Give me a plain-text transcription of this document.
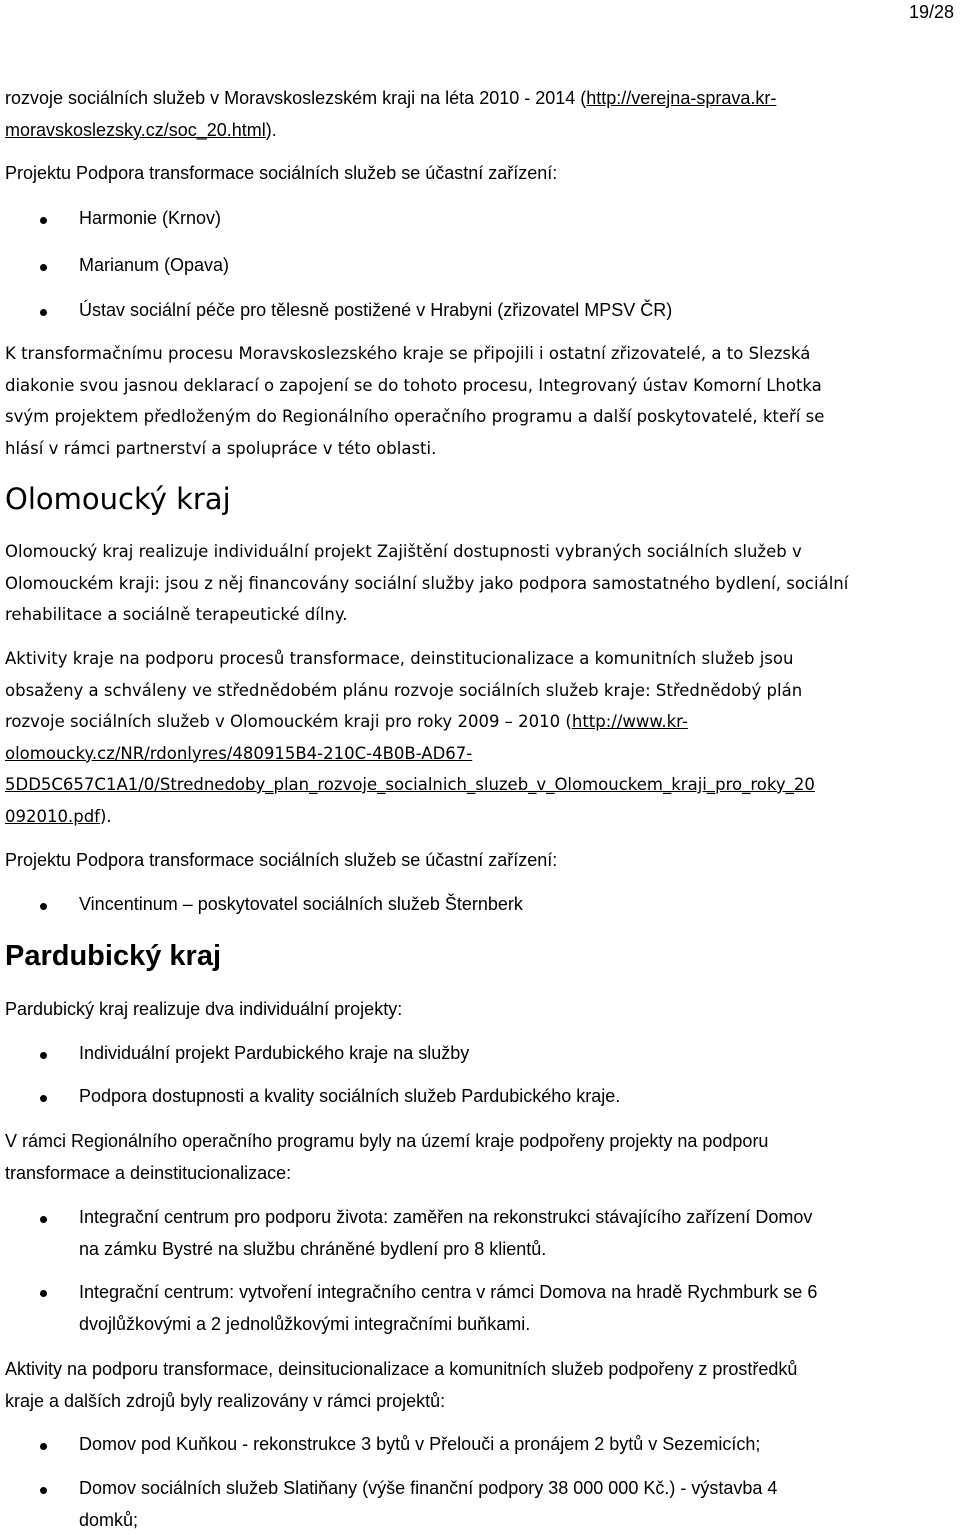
19/28

rozvoje sociálních služeb v Moravskoslezském kraji na léta 2010 - 2014 (http://verejna-sprava.kr-
moravskoslezsky.cz/soc_20.html).

Projektu Podpora transformace sociálních služeb se účastní zařízení:

Harmonie (Krnov)

Marianum (Opava)

Ústav sociální péče pro tělesně postižené v Hrabyni (zřizovatel MPSV ČR)

K transformačnímu procesu Moravskoslezského kraje se připojili i ostatní zřizovatelé, a to Slezská
diakonie svou jasnou deklarací o zapojení se do tohoto procesu, Integrovaný ústav Komorní Lhotka
svým projektem předloženým do Regionálního operačního programu a další poskytovatelé, kteří se
hlásí v rámci partnerství a spolupráce v této oblasti.
Olomoucký kraj
Olomoucký kraj realizuje individuální projekt Zajištění dostupnosti vybraných sociálních služeb v
Olomouckém kraji: jsou z něj financovány sociální služby jako podpora samostatného bydlení, sociální
rehabilitace a sociálně terapeutické dílny.
Aktivity kraje na podporu procesů transformace, deinstitucionalizace a komunitních služeb jsou
obsaženy a schváleny ve střednědobém plánu rozvoje sociálních služeb kraje: Střednědobý plán
rozvoje sociálních služeb v Olomouckém kraji pro roky 2009 – 2010 (http://www.kr-
olomoucky.cz/NR/rdonlyres/480915B4-210C-4B0B-AD67-
5DD5C657C1A1/0/Strednedoby_plan_rozvoje_socialnich_sluzeb_v_Olomouckem_kraji_pro_roky_20
092010.pdf).

Projektu Podpora transformace sociálních služeb se účastní zařízení:

Vincentinum – poskytovatel sociálních služeb Šternberk

Pardubický kraj

Pardubický kraj realizuje dva individuální projekty:

Individuální projekt Pardubického kraje na služby

Podpora dostupnosti a kvality sociálních služeb Pardubického kraje.

V rámci Regionálního operačního programu byly na území kraje podpořeny projekty na podporu
transformace a deinstitucionalizace:
Integrační centrum pro podporu života: zaměřen na rekonstrukci stávajícího zařízení Domov
na zámku Bystré na službu chráněné bydlení pro 8 klientů.
Integrační centrum: vytvoření integračního centra v rámci Domova na hradě Rychmburk se 6
dvojlůžkovými a 2 jednolůžkovými integračními buňkami.
Aktivity na podporu transformace, deinsitucionalizace a komunitních služeb podpořeny z prostředků
kraje a dalších zdrojů byly realizovány v rámci projektů:
Domov pod Kuňkou - rekonstrukce 3 bytů v Přelouči a pronájem 2 bytů v Sezemicích;
Domov sociálních služeb Slatiňany (výše finanční podpory 38 000 000 Kč.) - výstavba 4
domků;
